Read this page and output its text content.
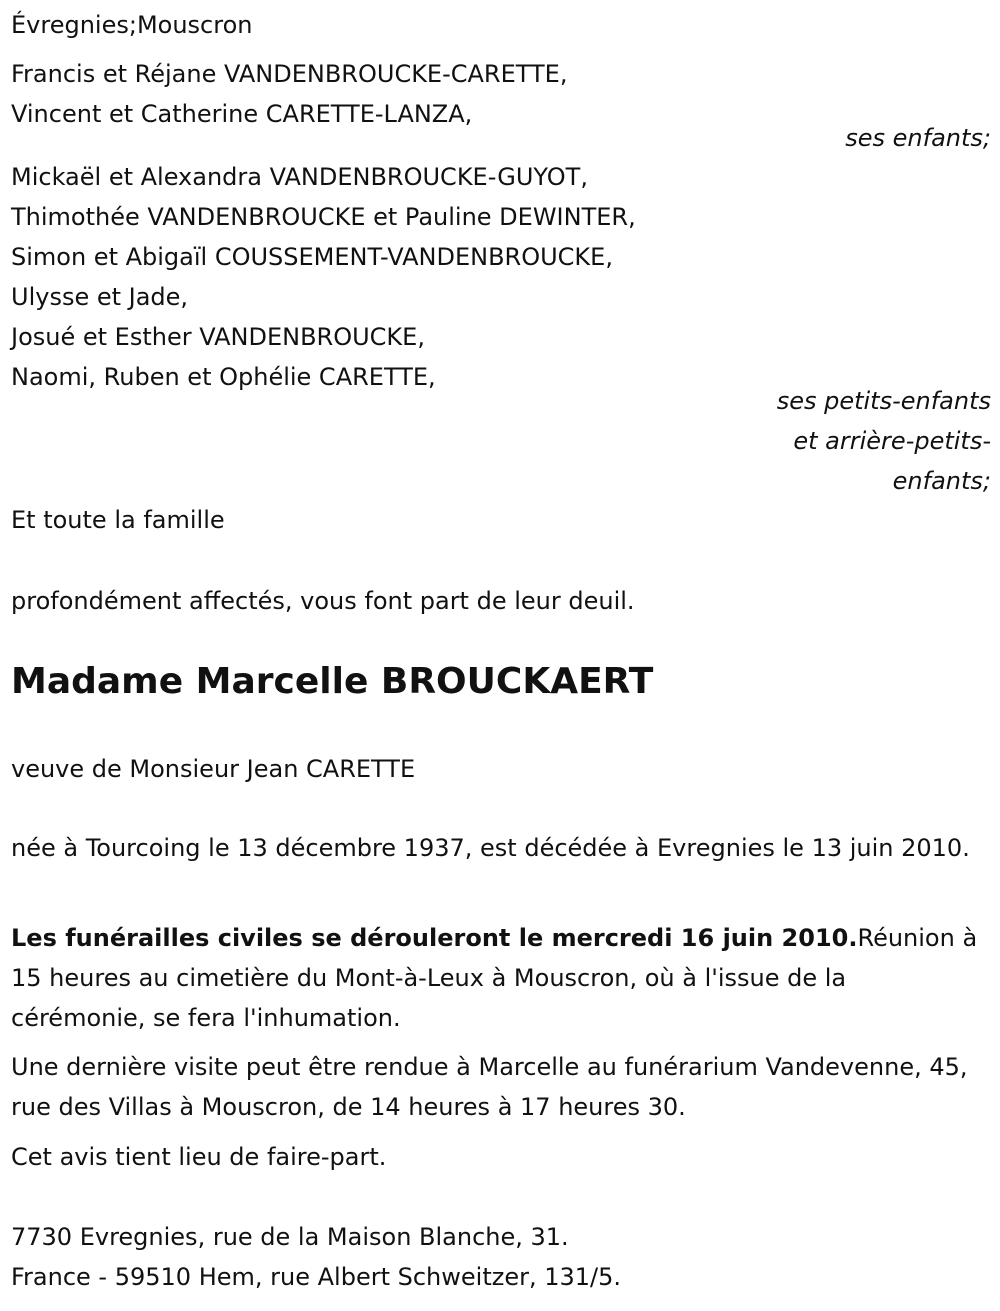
Évregnies;Mouscron
Francis et Réjane VANDENBROUCKE-CARETTE,
Vincent et Catherine CARETTE-LANZA,
ses enfants;
Mickaël et Alexandra VANDENBROUCKE-GUYOT,
Thimothée VANDENBROUCKE et Pauline DEWINTER,
Simon et Abigaïl COUSSEMENT-VANDENBROUCKE,
Ulysse et Jade,
Josué et Esther VANDENBROUCKE,
Naomi, Ruben et Ophélie CARETTE,
ses petits-enfants
et arrière-petits-
enfants;
Et toute la famille
profondément affectés, vous font part de leur deuil.
Madame Marcelle BROUCKAERT
veuve de Monsieur Jean CARETTE
née à Tourcoing le 13 décembre 1937, est décédée à Evregnies le 13 juin 2010.
Les funérailles civiles se dérouleront le mercredi 16 juin 2010.Réunion à 15 heures au cimetière du Mont-à-Leux à Mouscron, où à l'issue de la cérémonie, se fera l'inhumation.
Une dernière visite peut être rendue à Marcelle au funérarium Vandevenne, 45, rue des Villas à Mouscron, de 14 heures à 17 heures 30.
Cet avis tient lieu de faire-part.
7730 Evregnies, rue de la Maison Blanche, 31.
France - 59510 Hem, rue Albert Schweitzer, 131/5.
